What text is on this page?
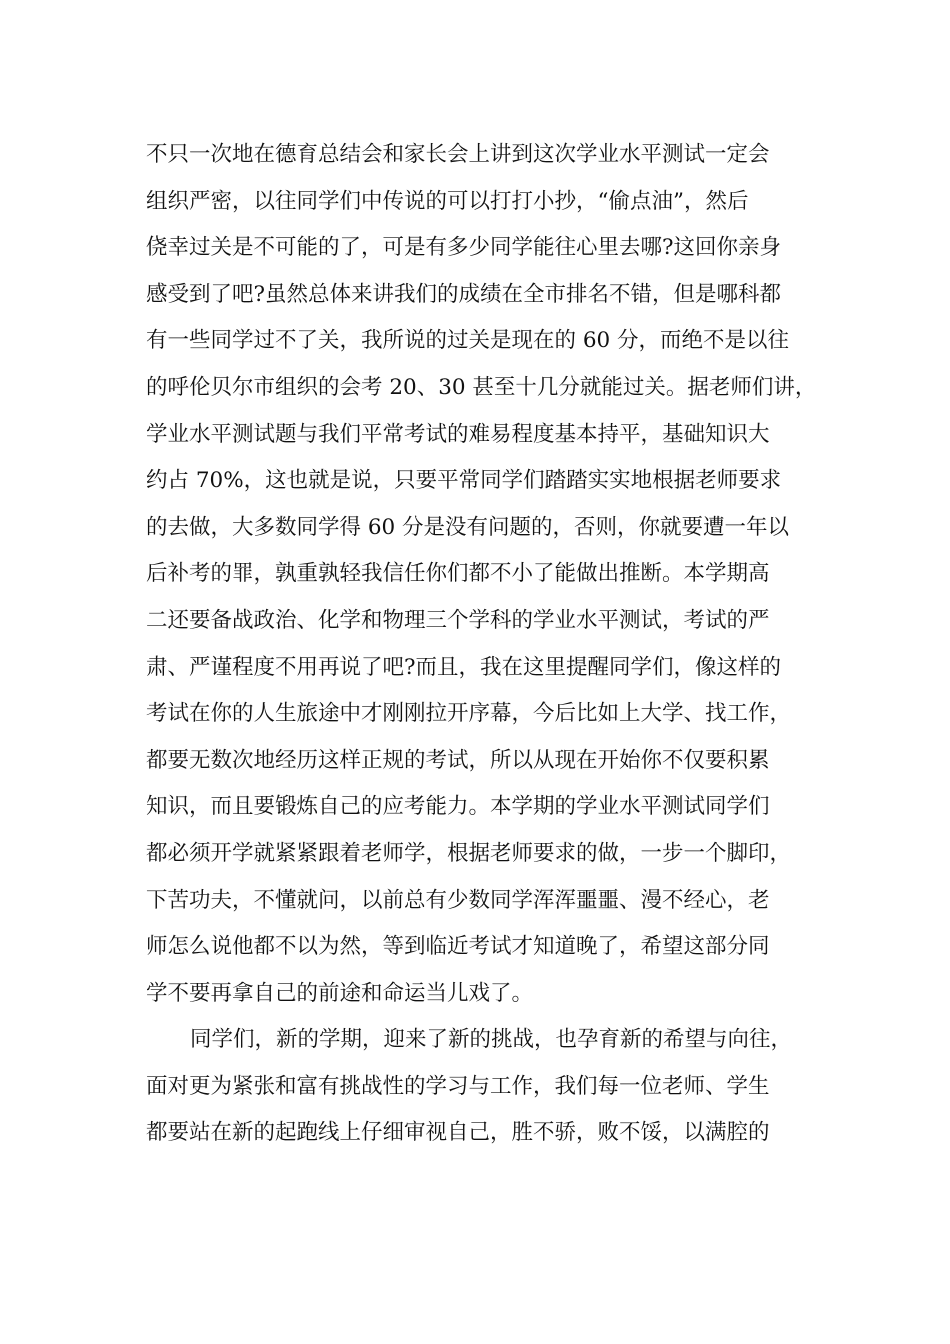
不只一次地在德育总结会和家长会上讲到这次学业水平测试一定会
组织严密，以往同学们中传说的可以打打小抄，“偷点油”，然后
侥幸过关是不可能的了，可是有多少同学能往心里去哪?这回你亲身
感受到了吧?虽然总体来讲我们的成绩在全市排名不错，但是哪科都
有一些同学过不了关，我所说的过关是现在的 60 分，而绝不是以往
的呼伦贝尔市组织的会考 20、30 甚至十几分就能过关。据老师们讲，
学业水平测试题与我们平常考试的难易程度基本持平，基础知识大
约占 70%，这也就是说，只要平常同学们踏踏实实地根据老师要求
的去做，大多数同学得 60 分是没有问题的，否则，你就要遭一年以
后补考的罪，孰重孰轻我信任你们都不小了能做出推断。本学期高
二还要备战政治、化学和物理三个学科的学业水平测试，考试的严
肃、严谨程度不用再说了吧?而且，我在这里提醒同学们，像这样的
考试在你的人生旅途中才刚刚拉开序幕，今后比如上大学、找工作，
都要无数次地经历这样正规的考试，所以从现在开始你不仅要积累
知识，而且要锻炼自己的应考能力。本学期的学业水平测试同学们
都必须开学就紧紧跟着老师学，根据老师要求的做，一步一个脚印，
下苦功夫，不懂就问，以前总有少数同学浑浑噩噩、漫不经心，老
师怎么说他都不以为然，等到临近考试才知道晚了，希望这部分同
学不要再拿自己的前途和命运当儿戏了。
同学们，新的学期，迎来了新的挑战，也孕育新的希望与向往，
面对更为紧张和富有挑战性的学习与工作，我们每一位老师、学生
都要站在新的起跑线上仔细审视自己，胜不骄，败不馁，以满腔的
